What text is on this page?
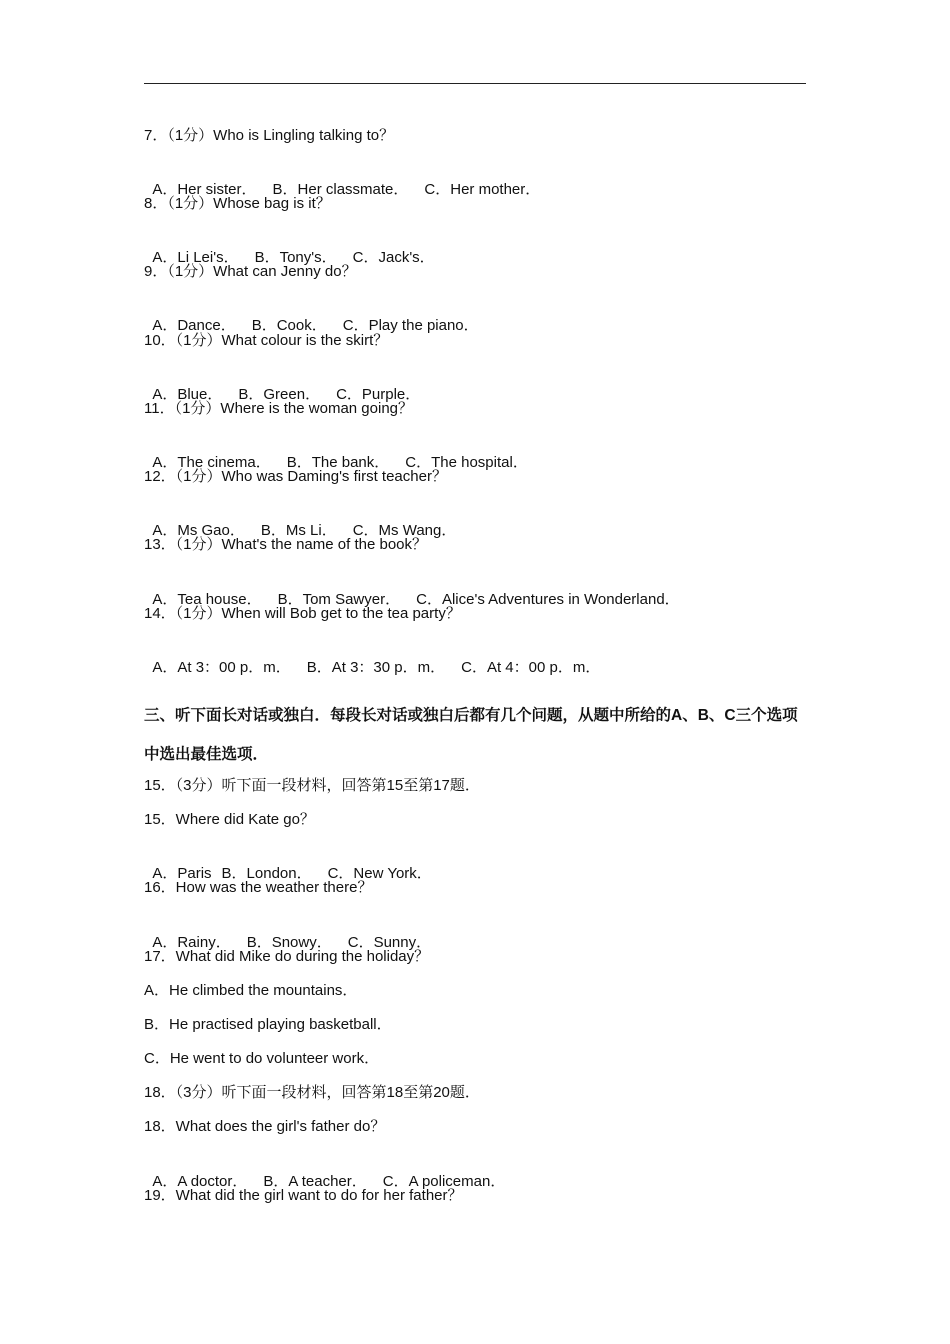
7．（1分）Who is Lingling talking to？

A．Her sister． B．Her classmate． C．Her mother．

8．（1分）Whose bag is it？

A．Li Lei's． B．Tony's． C．Jack's．

9．（1分）What can Jenny do？

A．Dance． B．Cook． C．Play the piano．

10．（1分）What colour is the skirt？

A．Blue． B．Green． C．Purple．

11．（1分）Where is the woman going？

A．The cinema． B．The bank． C．The hospital．

12．（1分）Who was Daming's first teacher？

A．Ms Gao． B．Ms Li． C．Ms Wang．

13．（1分）What's the name of the book？

A．Tea house． B．Tom Sawyer． C．Alice's Adventures in Wonderland．

14．（1分）When will Bob get to the tea party？

A．At 3：00 p．m． B．At 3：30 p．m． C．At 4：00 p．m．

三、听下面长对话或独白．每段长对话或独白后都有几个问题，从题中所给的A、B、C三个选项中选出最佳选项．
15．（3分）听下面一段材料，回答第15至第17题．
15．Where did Kate go？

A．Paris B．London． C．New York．

16．How was the weather there？

A．Rainy． B．Snowy． C．Sunny．

17．What did Mike do during the holiday？
A．He climbed the mountains．
B．He practised playing basketball．
C．He went to do volunteer work．
18．（3分）听下面一段材料，回答第18至第20题．
18．What does the girl's father do？

A．A doctor． B．A teacher． C．A policeman．

19．What did the girl want to do for her father？
